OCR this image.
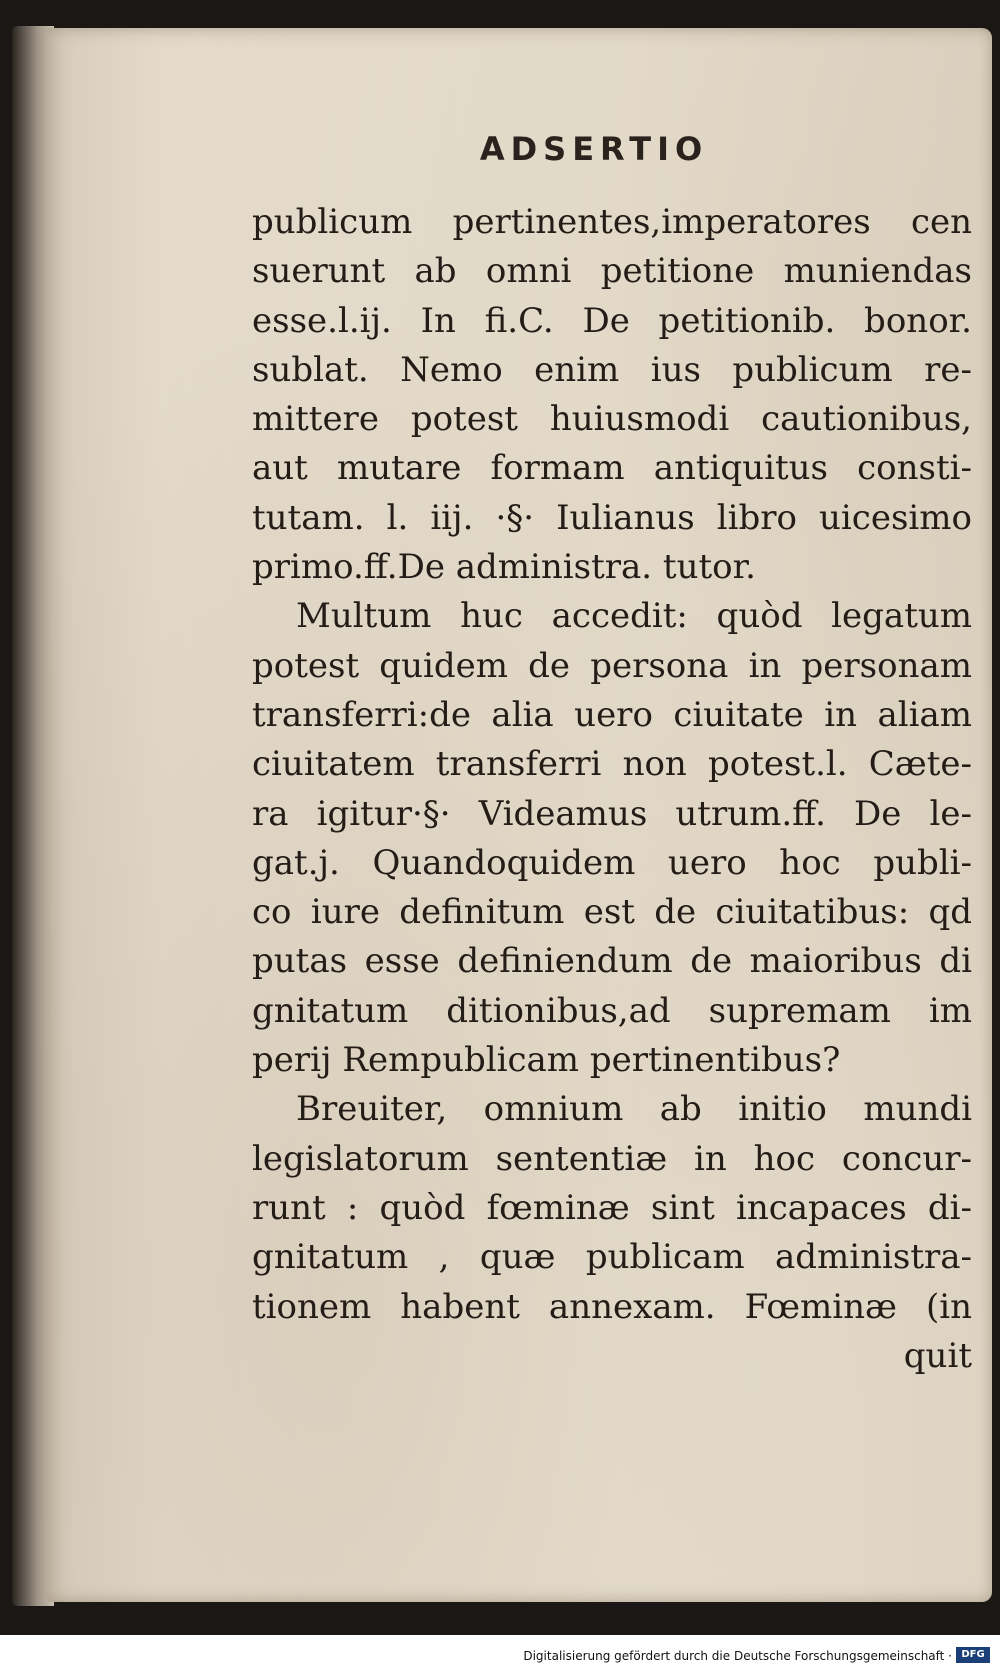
ADSERTIO
publicum pertinentes,imperatores cen
suerunt ab omni petitione muniendas
esse.l.ij. In fi.C. De petitionib. bonor.
sublat. Nemo enim ius publicum re-
mittere potest huiusmodi cautionibus,
aut mutare formam antiquitus consti-
tutam. l. iij. ·§· Iulianus libro uicesimo
primo.ff.De administra. tutor.
Multum huc accedit: quòd legatum
potest quidem de persona in personam
transferri:de alia uero ciuitate in aliam
ciuitatem transferri non potest.l. Cæte-
ra igitur·§· Videamus utrum.ff. De le-
gat.j. Quandoquidem uero hoc publi-
co iure definitum est de ciuitatibus: qd
putas esse definiendum de maioribus di
gnitatum ditionibus,ad supremam im
perij Rempublicam pertinentibus?
Breuiter, omnium ab initio mundi
legislatorum sententiæ in hoc concur-
runt : quòd fœminæ sint incapaces di-
gnitatum , quæ publicam administra-
tionem habent annexam. Fœminæ (in
quit
Digitalisierung gefördert durch die Deutsche Forschungsgemeinschaft · DFG
